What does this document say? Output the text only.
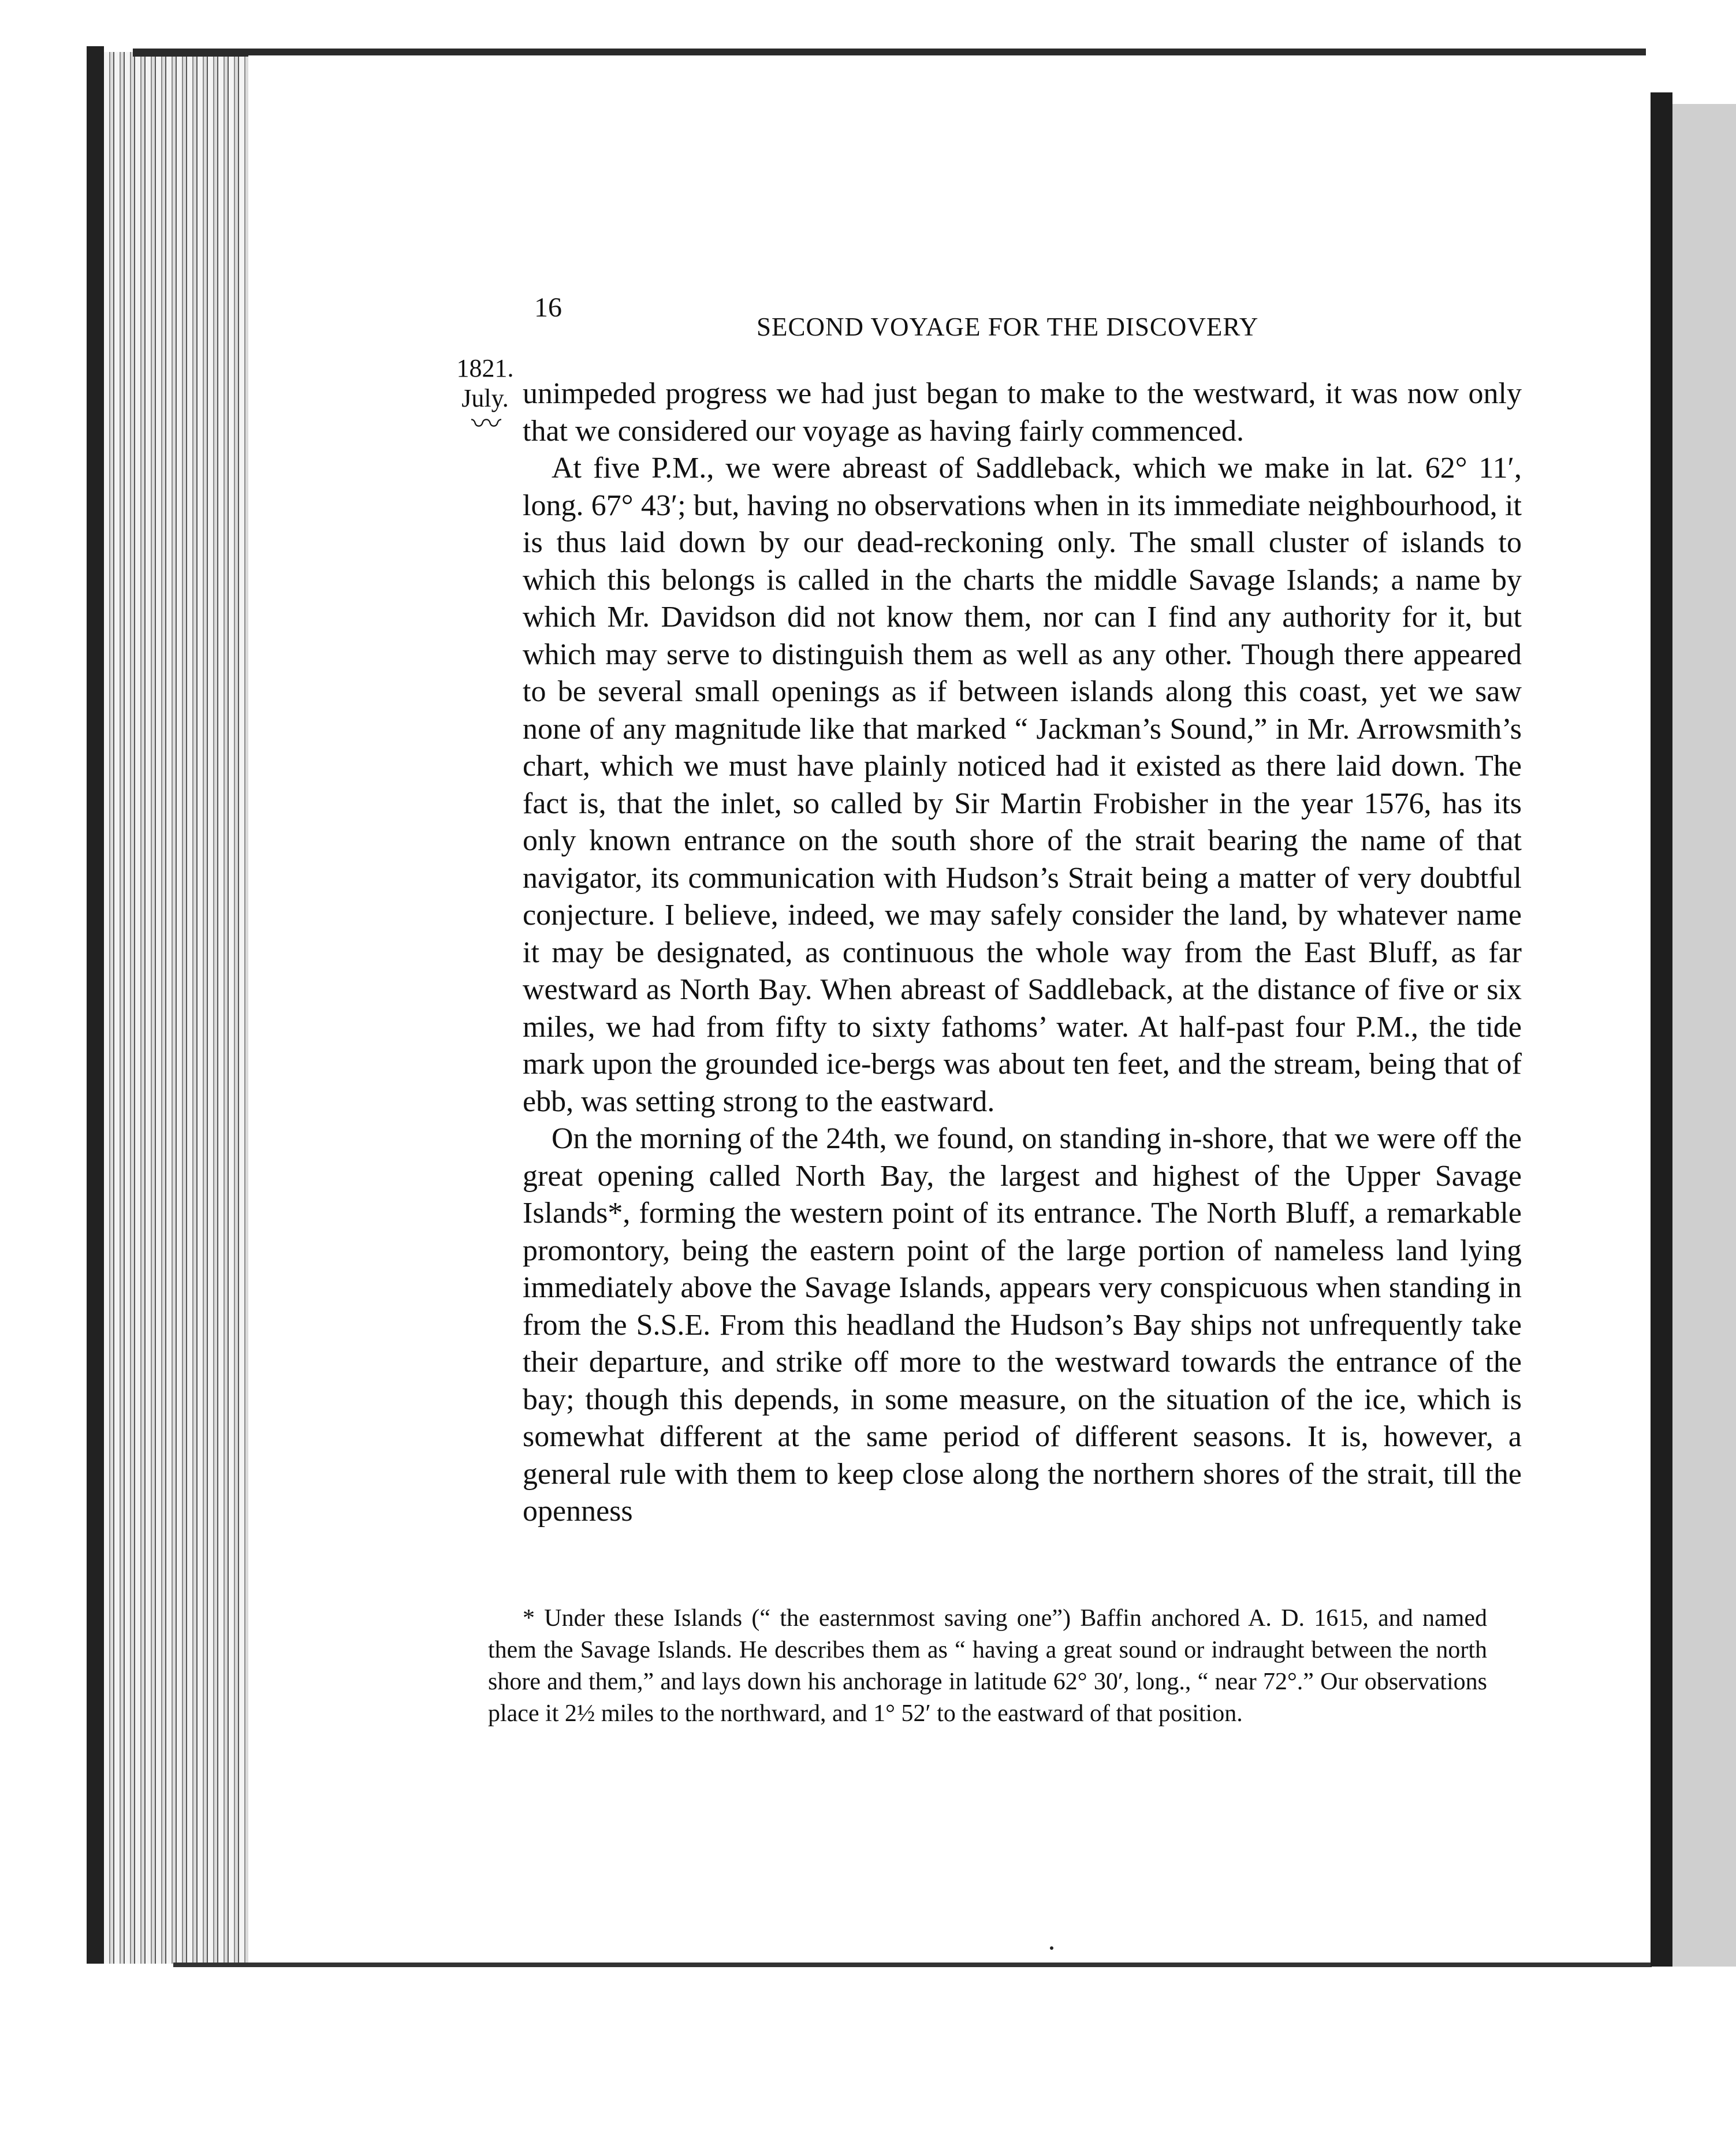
16
SECOND VOYAGE FOR THE DISCOVERY
1821.
July.
〰

unimpeded progress we had just began to make to the westward, it was now only that we considered our voyage as having fairly commenced.

At five P.M., we were abreast of Saddleback, which we make in lat. 62° 11′, long. 67° 43′; but, having no observations when in its immediate neighbourhood, it is thus laid down by our dead-reckoning only. The small cluster of islands to which this belongs is called in the charts the middle Savage Islands; a name by which Mr. Davidson did not know them, nor can I find any authority for it, but which may serve to distinguish them as well as any other. Though there appeared to be several small openings as if between islands along this coast, yet we saw none of any magnitude like that marked “ Jackman’s Sound,” in Mr. Arrowsmith’s chart, which we must have plainly noticed had it existed as there laid down. The fact is, that the inlet, so called by Sir Martin Frobisher in the year 1576, has its only known entrance on the south shore of the strait bearing the name of that navigator, its communication with Hudson’s Strait being a matter of very doubtful conjecture. I believe, indeed, we may safely consider the land, by whatever name it may be designated, as continuous the whole way from the East Bluff, as far westward as North Bay. When abreast of Saddleback, at the distance of five or six miles, we had from fifty to sixty fathoms’ water. At half-past four P.M., the tide mark upon the grounded ice-bergs was about ten feet, and the stream, being that of ebb, was setting strong to the eastward.

On the morning of the 24th, we found, on standing in-shore, that we were off the great opening called North Bay, the largest and highest of the Upper Savage Islands*, forming the western point of its entrance. The North Bluff, a remarkable promontory, being the eastern point of the large portion of nameless land lying immediately above the Savage Islands, appears very conspicuous when standing in from the S.S.E. From this headland the Hudson’s Bay ships not unfrequently take their departure, and strike off more to the westward towards the entrance of the bay; though this depends, in some measure, on the situation of the ice, which is somewhat different at the same period of different seasons. It is, however, a general rule with them to keep close along the northern shores of the strait, till the openness

* Under these Islands (“ the easternmost saving one”) Baffin anchored A. D. 1615, and named them the Savage Islands. He describes them as “ having a great sound or indraught between the north shore and them,” and lays down his anchorage in latitude 62° 30′, long., “ near 72°.” Our observations place it 2½ miles to the northward, and 1° 52′ to the eastward of that position.
